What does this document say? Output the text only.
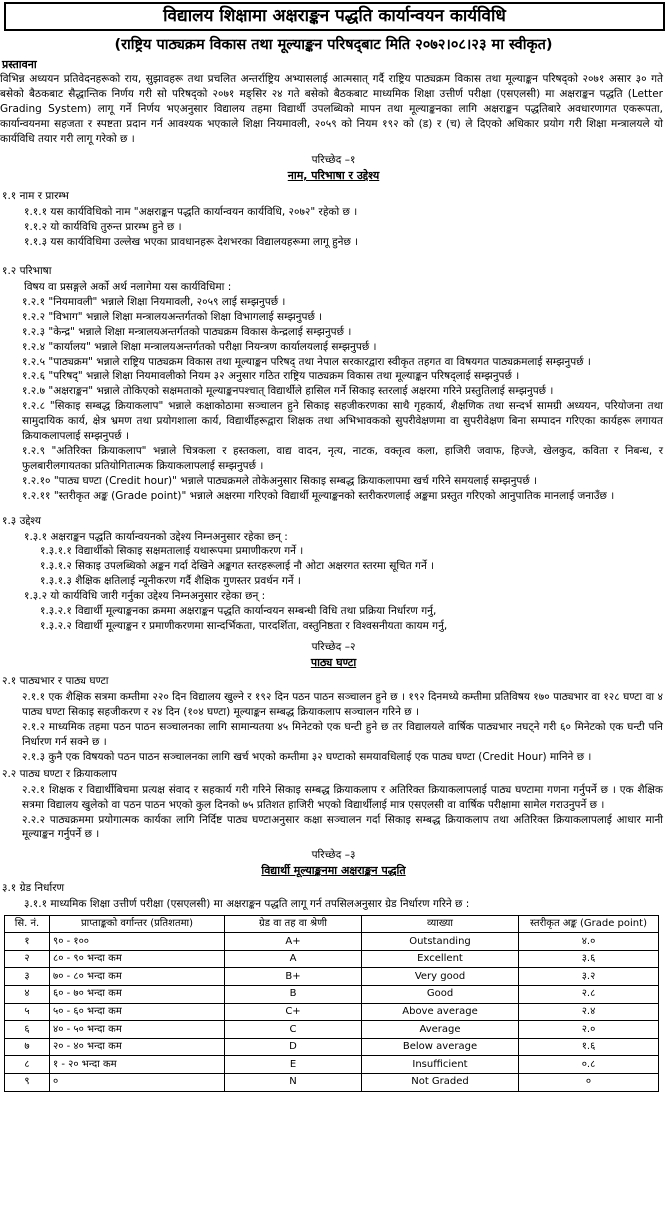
विद्यालय शिक्षामा अक्षराङ्कन पद्धति कार्यान्वयन कार्यविधि
(राष्ट्रिय पाठ्यक्रम विकास तथा मूल्याङ्कन परिषद्‌बाट मिति २०७२।०८।२३ मा स्वीकृत)
प्रस्तावना
विभिन्न अध्ययन प्रतिवेदनहरूको राय, सुझावहरू तथा प्रचलित अन्तर्राष्ट्रिय अभ्यासलाई आत्मसात्‌ गर्दै राष्ट्रिय पाठ्यक्रम विकास तथा मूल्याङ्कन परिषद्‌को २०७१ असार ३० गते बसेको बैठकबाट सैद्धान्तिक निर्णय गरी सो परिषद्‌को २०७१ मङ्सिर २४ गते बसेको बैठकबाट माध्यमिक शिक्षा उत्तीर्ण परीक्षा (एसएलसी) मा अक्षराङ्कन पद्धति (Letter Grading System) लागू गर्ने निर्णय भएअनुसार विद्यालय तहमा विद्यार्थी उपलब्धिको मापन तथा मूल्याङ्कनका लागि अक्षराङ्कन पद्धतिबारे अवधारणागत एकरूपता, कार्यान्वयनमा सहजता र स्पष्टता प्रदान गर्न आवश्यक भएकाले शिक्षा नियमावली, २०५९ को नियम १९२ को (ड) र (च) ले दिएको अधिकार प्रयोग गरी शिक्षा मन्त्रालयले यो कार्यविधि तयार गरी लागू गरेको छ ।
परिच्छेद –१
नाम, परिभाषा र उद्देश्य
१.१ नाम र प्रारम्भ
१.१.१ यस कार्यविधिको नाम "अक्षराङ्कन पद्धति कार्यान्वयन कार्यविधि, २०७२" रहेको छ ।
१.१.२ यो कार्यविधि तुरुन्त प्रारम्भ हुने छ ।
१.१.३ यस कार्यविधिमा उल्लेख भएका प्रावधानहरू देशभरका विद्यालयहरूमा लागू हुनेछ ।
१.२ परिभाषा
विषय वा प्रसङ्गले अर्को अर्थ नलागेमा यस कार्यविधिमा :
१.२.१ "नियमावली" भन्नाले शिक्षा नियमावली, २०५९ लाई सम्झनुपर्छ ।
१.२.२ "विभाग" भन्नाले शिक्षा मन्त्रालयअन्तर्गतको शिक्षा विभागलाई सम्झनुपर्छ ।
१.२.३ "केन्द्र" भन्नाले शिक्षा मन्त्रालयअन्तर्गतको पाठ्यक्रम विकास केन्द्रलाई सम्झनुपर्छ ।
१.२.४ "कार्यालय" भन्नाले शिक्षा मन्त्रालयअन्तर्गतको परीक्षा नियन्त्रण कार्यालयलाई सम्झनुपर्छ ।
१.२.५ "पाठ्यक्रम" भन्नाले राष्ट्रिय पाठ्यक्रम विकास तथा मूल्याङ्कन परिषद्‌ तथा नेपाल सरकारद्वारा स्वीकृत तहगत वा विषयगत पाठ्यक्रमलाई सम्झनुपर्छ ।
१.२.६ "परिषद्‌" भन्नाले शिक्षा नियमावलीको नियम ३२ अनुसार गठित राष्ट्रिय पाठ्यक्रम विकास तथा मूल्याङ्कन परिषद्‌लाई सम्झनुपर्छ ।
१.२.७ "अक्षराङ्कन" भन्नाले तोकिएको सक्षमताको मूल्याङ्कनपश्चात्‌ विद्यार्थीले हासिल गर्ने सिकाइ स्तरलाई अक्षरमा गरिने प्रस्तुतिलाई सम्झनुपर्छ ।
१.२.८ "सिकाइ सम्बद्ध क्रियाकलाप" भन्नाले कक्षाकोठामा सञ्चालन हुने सिकाइ सहजीकरणका साथै गृहकार्य, शैक्षणिक तथा सन्दर्भ सामग्री अध्ययन, परियोजना तथा सामुदायिक कार्य, क्षेत्र भ्रमण तथा प्रयोगशाला कार्य, विद्यार्थीहरूद्वारा शिक्षक तथा अभिभावकको सुपरीवेक्षणमा वा सुपरीवेक्षण बिना सम्पादन गरिएका कार्यहरू लगायत क्रियाकलापलाई सम्झनुपर्छ ।
१.२.९ "अतिरिक्त क्रियाकलाप" भन्नाले चित्रकला र हस्तकला, वाद्य वादन, नृत्य, नाटक, वक्तृत्व कला, हाजिरी जवाफ, हिज्जे, खेलकुद, कविता र निबन्ध, र फुलबारीलगायतका प्रतियोगितात्मक क्रियाकलापलाई सम्झनुपर्छ ।
१.२.१० "पाठ्य घण्टा (Credit hour)" भन्नाले पाठ्यक्रमले तोकेअनुसार सिकाइ सम्बद्ध क्रियाकलापमा खर्च गरिने समयलाई सम्झनुपर्छ ।
१.२.११ "स्तरीकृत अङ्क (Grade point)" भन्नाले अक्षरमा गरिएको विद्यार्थी मूल्याङ्कनको स्तरीकरणलाई अङ्कमा प्रस्तुत गरिएको आनुपातिक मानलाई जनाउँछ ।
१.३ उद्देश्य
१.३.१ अक्षराङ्कन पद्धति कार्यान्वयनको उद्देश्य निम्नअनुसार रहेका छन्‌ :
१.३.१.१ विद्यार्थीको सिकाइ सक्षमतालाई यथारूपमा प्रमाणीकरण गर्ने ।
१.३.१.२ सिकाइ उपलब्धिको अङ्कन गर्दा देखिने अङ्कगत स्तरहरूलाई नौ ओटा अक्षरगत स्तरमा सूचित गर्ने ।
१.३.१.३ शैक्षिक क्षतिलाई न्यूनीकरण गर्दै शैक्षिक गुणस्तर प्रवर्धन गर्ने ।
१.३.२ यो कार्यविधि जारी गर्नुका उद्देश्य निम्नअनुसार रहेका छन्‌ :
१.३.२.१ विद्यार्थी मूल्याङ्कनका क्रममा अक्षराङ्कन पद्धति कार्यान्वयन सम्बन्धी विधि तथा प्रक्रिया निर्धारण गर्नु,
१.३.२.२ विद्यार्थी मूल्याङ्कन र प्रमाणीकरणमा सान्दर्भिकता, पारदर्शिता, वस्तुनिष्ठता र विश्वसनीयता कायम गर्नु,
परिच्छेद –२
पाठ्य घण्टा
२.१ पाठ्यभार र पाठ्य घण्टा
२.१.१ एक शैक्षिक सत्रमा कम्तीमा २२० दिन विद्यालय खुल्ने र १९२ दिन पठन पाठन सञ्चालन हुने छ । १९२ दिनमध्ये कम्तीमा प्रतिविषय १७० पाठ्यभार वा १२८ घण्टा वा ४ पाठ्य घण्टा सिकाइ सहजीकरण र २४ दिन (१०४ घण्टा) मूल्याङ्कन सम्बद्ध क्रियाकलाप सञ्चालन गरिने छ ।
२.१.२ माध्यमिक तहमा पठन पाठन सञ्चालनका लागि सामान्यतया ४५ मिनेटको एक घन्टी हुने छ तर विद्यालयले वार्षिक पाठ्यभार नघट्ने गरी ६० मिनेटको एक घन्टी पनि निर्धारण गर्न सक्ने छ ।
२.१.३ कुनै एक विषयको पठन पाठन सञ्चालनका लागि खर्च भएको कम्तीमा ३२ घण्टाको समयावधिलाई एक पाठ्य घण्टा (Credit Hour) मानिने छ ।
२.२ पाठ्य घण्टा र क्रियाकलाप
२.२.१ शिक्षक र विद्यार्थीबिचमा प्रत्यक्ष संवाद र सहकार्य गरी गरिने सिकाइ सम्बद्ध क्रियाकलाप र अतिरिक्त क्रियाकलापलाई पाठ्य घण्टामा गणना गर्नुपर्ने छ । एक शैक्षिक सत्रमा विद्यालय खुलेको वा पठन पाठन भएको कुल दिनको ७५ प्रतिशत हाजिरी भएको विद्यार्थीलाई मात्र एसएलसी वा वार्षिक परीक्षामा सामेल गराउनुपर्ने छ ।
२.२.२ पाठ्यक्रममा प्रयोगात्मक कार्यका लागि निर्दिष्ट पाठ्य घण्टाअनुसार कक्षा सञ्चालन गर्दा सिकाइ सम्बद्ध क्रियाकलाप तथा अतिरिक्त क्रियाकलापलाई आधार मानी मूल्याङ्कन गर्नुपर्ने छ ।
परिच्छेद –३
विद्यार्थी मूल्याङ्कनमा अक्षराङ्कन पद्धति
३.१ ग्रेड निर्धारण
३.१.१ माध्यमिक शिक्षा उत्तीर्ण परीक्षा (एसएलसी) मा अक्षराङ्कन पद्धति लागू गर्न तपसिलअनुसार ग्रेड निर्धारण गरिने छ :
सि. नं.	प्राप्ताङ्कको वर्गान्तर (प्रतिशतमा)	ग्रेड वा तह वा श्रेणी	व्याख्या	स्तरीकृत अङ्क (Grade point)
१	९० - १००	A+	Outstanding	४.०
२	८० - ९० भन्दा कम	A	Excellent	३.६
३	७० - ८० भन्दा कम	B+	Very good	३.२
४	६० - ७० भन्दा कम	B	Good	२.८
५	५० - ६० भन्दा कम	C+	Above average	२.४
६	४० - ५० भन्दा कम	C	Average	२.०
७	२० - ४० भन्दा कम	D	Below average	१.६
८	१ - २० भन्दा कम	E	Insufficient	०.८
९	०	N	Not Graded	०
